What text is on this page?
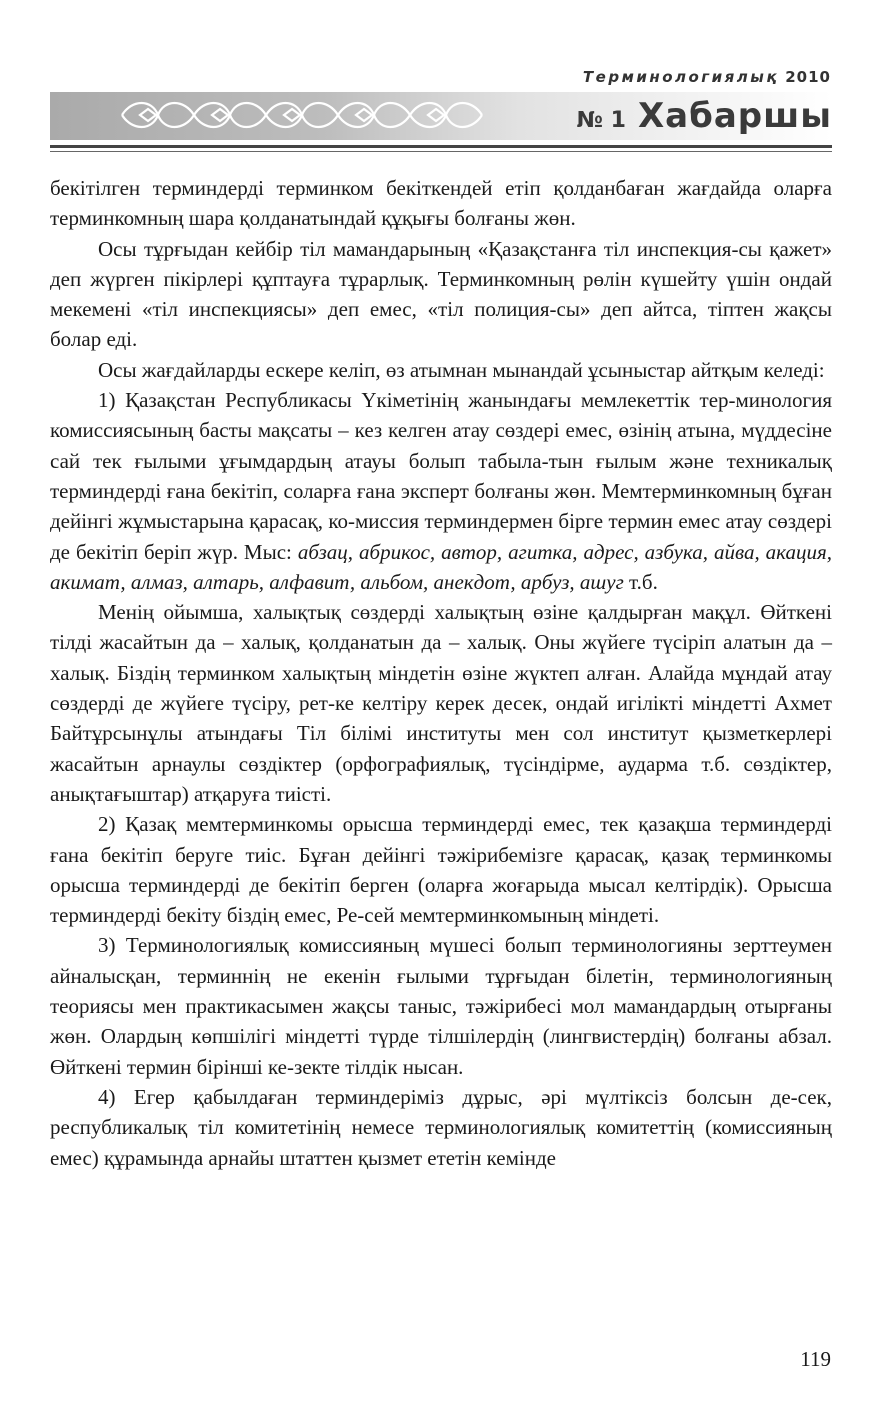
Терминологиялық 2010
№ 1 Хабаршы

бекітілген терминдерді терминком бекіткендей етіп қолданбаған жағдайда оларға терминкомның шара қолданатындай құқығы болғаны жөн.

Осы тұрғыдан кейбір тіл мамандарының «Қазақстанға тіл инспекция-сы қажет» деп жүрген пікірлері құптауға тұрарлық. Терминкомның рөлін күшейту үшін ондай мекемені «тіл инспекциясы» деп емес, «тіл полиция-сы» деп айтса, тіптен жақсы болар еді.

Осы жағдайларды ескере келіп, өз атымнан мынандай ұсыныстар айтқым келеді:

1) Қазақстан Республикасы Үкіметінің жанындағы мемлекеттік тер-минология комиссиясының басты мақсаты – кез келген атау сөздері емес, өзінің атына, мүддесіне сай тек ғылыми ұғымдардың атауы болып табыла-тын ғылым және техникалық терминдерді ғана бекітіп, соларға ғана эксперт болғаны жөн. Мемтерминкомның бұған дейінгі жұмыстарына қарасақ, ко-миссия терминдермен бірге термин емес атау сөздері де бекітіп беріп жүр. Мыс: абзац, абрикос, автор, агитка, адрес, азбука, айва, акация, акимат, алмаз, алтарь, алфавит, альбом, анекдот, арбуз, ашуг т.б.

Менің ойымша, халықтық сөздерді халықтың өзіне қалдырған мақұл. Өйткені тілді жасайтын да – халық, қолданатын да – халық. Оны жүйеге түсіріп алатын да – халық. Біздің терминком халықтың міндетін өзіне жүктеп алған. Алайда мұндай атау сөздерді де жүйеге түсіру, рет-ке келтіру керек десек, ондай игілікті міндетті Ахмет Байтұрсынұлы атындағы Тіл білімі институты мен сол институт қызметкерлері жасайтын арнаулы сөздіктер (орфографиялық, түсіндірме, аударма т.б. сөздіктер, анықтағыштар) атқаруға тиісті.

2) Қазақ мемтерминкомы орысша терминдерді емес, тек қазақша терминдерді ғана бекітіп беруге тиіс. Бұған дейінгі тәжірибемізге қарасақ, қазақ терминкомы орысша терминдерді де бекітіп берген (оларға жоғарыда мысал келтірдік). Орысша терминдерді бекіту біздің емес, Ре-сей мемтерминкомының міндеті.

3) Терминологиялық комиссияның мүшесі болып терминологияны зерттеумен айналысқан, терминнің не екенін ғылыми тұрғыдан білетін, терминологияның теориясы мен практикасымен жақсы таныс, тәжірибесі мол мамандардың отырғаны жөн. Олардың көпшілігі міндетті түрде тілшілердің (лингвистердің) болғаны абзал. Өйткені термин бірінші ке-зекте тілдік нысан.

4) Егер қабылдаған терминдеріміз дұрыс, әрі мүлтіксіз болсын де-сек, республикалық тіл комитетінің немесе терминологиялық комитеттің (комиссияның емес) құрамында арнайы штаттен қызмет ететін кемінде

119
